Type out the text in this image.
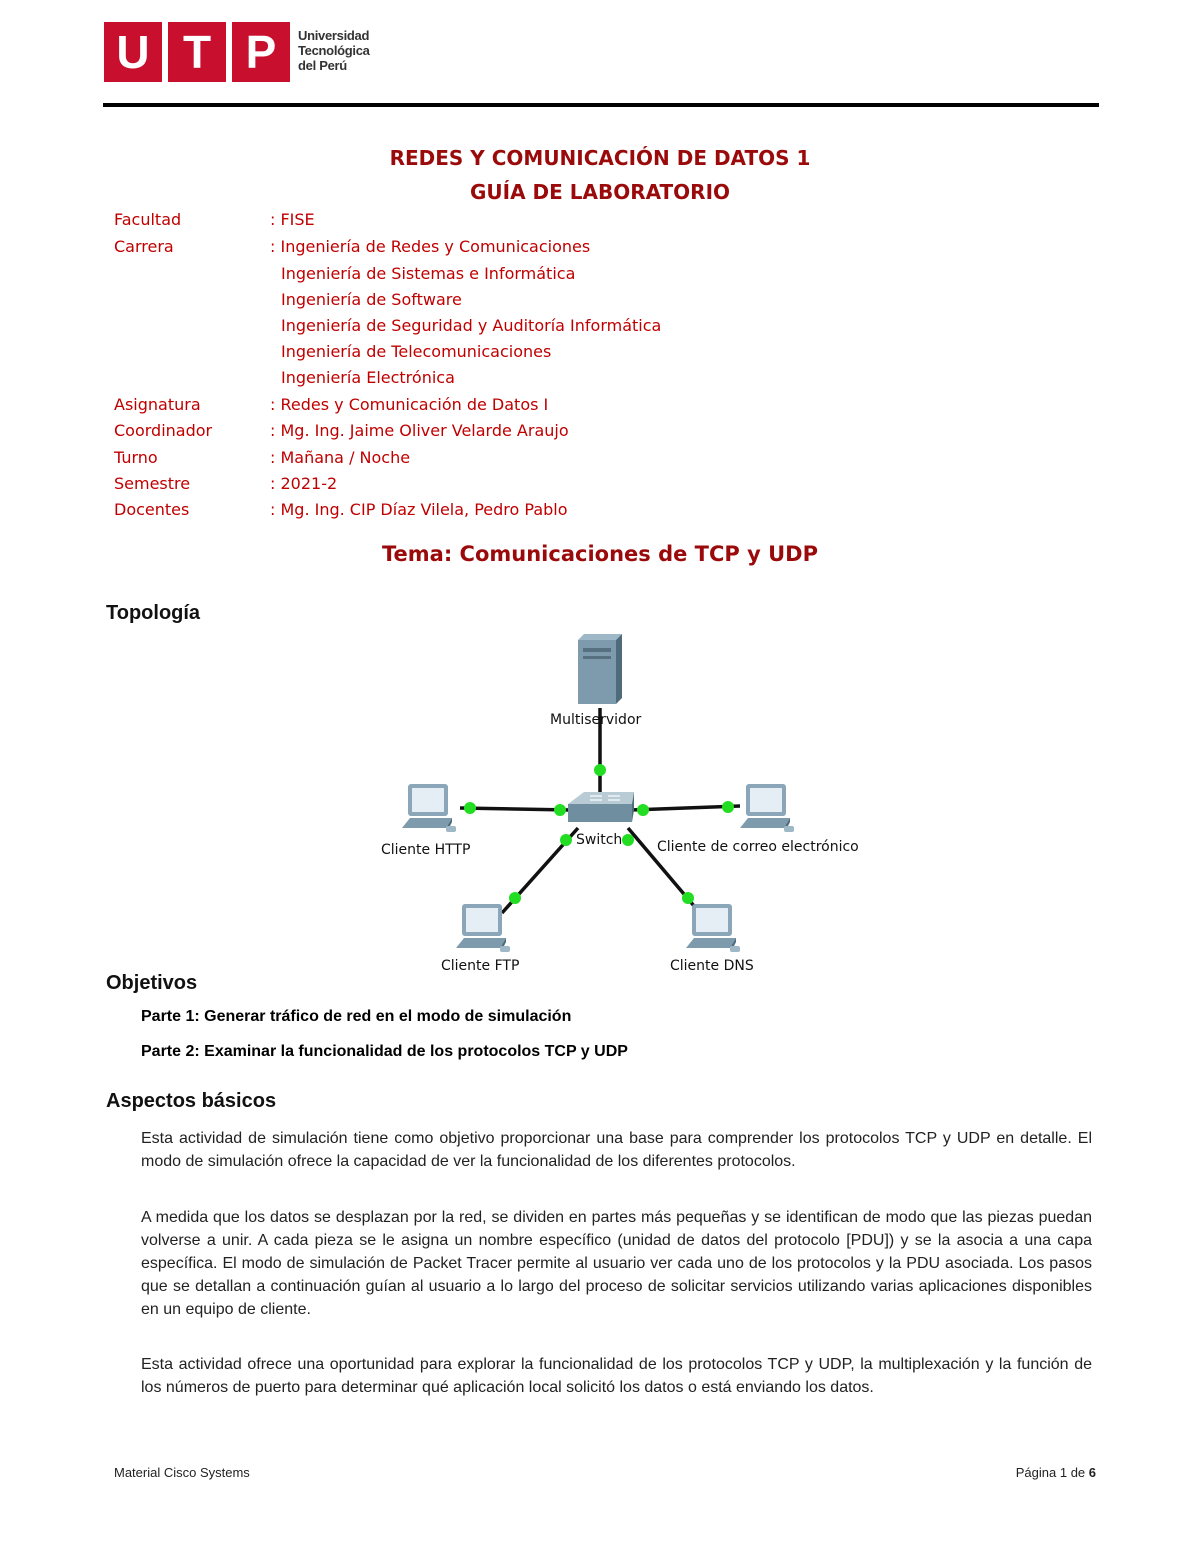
U T P	Universidad
Tecnológica
del Perú
REDES Y COMUNICACIÓN DE DATOS 1
GUÍA DE LABORATORIO
Facultad	: FISE
Carrera	: Ingeniería de Redes y Comunicaciones
Ingeniería de Sistemas e Informática
Ingeniería de Software
Ingeniería de Seguridad y Auditoría Informática
Ingeniería de Telecomunicaciones
Ingeniería Electrónica
Asignatura	: Redes y Comunicación de Datos I
Coordinador	: Mg. Ing. Jaime Oliver Velarde Araujo
Turno	: Mañana / Noche
Semestre	: 2021-2
Docentes	: Mg. Ing. CIP Díaz Vilela, Pedro Pablo
Tema: Comunicaciones de TCP y UDP
Topología
Multiservidor
Switch
Cliente HTTP	Cliente de correo electrónico
Cliente FTP	Cliente DNS
Objetivos
Parte 1: Generar tráfico de red en el modo de simulación
Parte 2: Examinar la funcionalidad de los protocolos TCP y UDP
Aspectos básicos

Esta actividad de simulación tiene como objetivo proporcionar una base para comprender los protocolos TCP y UDP en detalle. El modo de simulación ofrece la capacidad de ver la funcionalidad de los diferentes protocolos.

A medida que los datos se desplazan por la red, se dividen en partes más pequeñas y se identifican de modo que las piezas puedan volverse a unir. A cada pieza se le asigna un nombre específico (unidad de datos del protocolo [PDU]) y se la asocia a una capa específica. El modo de simulación de Packet Tracer permite al usuario ver cada uno de los protocolos y la PDU asociada. Los pasos que se detallan a continuación guían al usuario a lo largo del proceso de solicitar servicios utilizando varias aplicaciones disponibles en un equipo de cliente.

Esta actividad ofrece una oportunidad para explorar la funcionalidad de los protocolos TCP y UDP, la multiplexación y la función de los números de puerto para determinar qué aplicación local solicitó los datos o está enviando los datos.

Material Cisco Systems	Página 1 de 6
